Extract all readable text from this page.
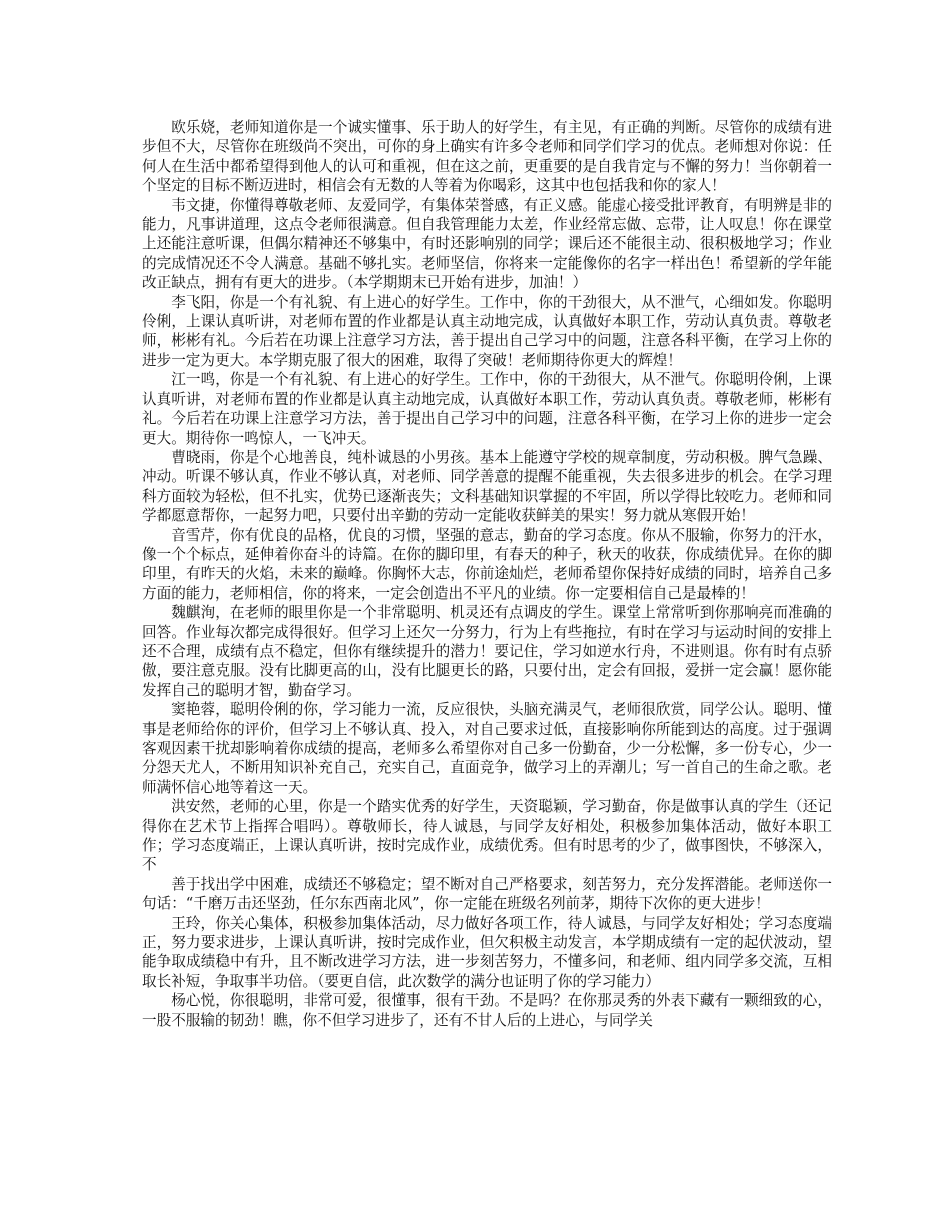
欧乐娆，老师知道你是一个诚实懂事、乐于助人的好学生，有主见，有正确的判断。尽管你的成绩有进步但不大，尽管你在班级尚不突出，可你的身上确实有许多令老师和同学们学习的优点。老师想对你说：任何人在生活中都希望得到他人的认可和重视，但在这之前，更重要的是自我肯定与不懈的努力！当你朝着一个坚定的目标不断迈进时，相信会有无数的人等着为你喝彩，这其中也包括我和你的家人！

韦文捷，你懂得尊敬老师、友爱同学，有集体荣誉感，有正义感。能虚心接受批评教育，有明辨是非的能力，凡事讲道理，这点令老师很满意。但自我管理能力太差，作业经常忘做、忘带，让人叹息！你在课堂上还能注意听课，但偶尔精神还不够集中，有时还影响别的同学；课后还不能很主动、很积极地学习；作业的完成情况还不令人满意。基础不够扎实。老师坚信，你将来一定能像你的名字一样出色！希望新的学年能改正缺点，拥有有更大的进步。（本学期期末已开始有进步，加油！）

李飞阳，你是一个有礼貌、有上进心的好学生。工作中，你的干劲很大，从不泄气，心细如发。你聪明伶俐，上课认真听讲，对老师布置的作业都是认真主动地完成，认真做好本职工作，劳动认真负责。尊敬老师，彬彬有礼。今后若在功课上注意学习方法，善于提出自己学习中的问题，注意各科平衡，在学习上你的进步一定为更大。本学期克服了很大的困难，取得了突破！老师期待你更大的辉煌！

江一鸣，你是一个有礼貌、有上进心的好学生。工作中，你的干劲很大，从不泄气。你聪明伶俐，上课认真听讲，对老师布置的作业都是认真主动地完成，认真做好本职工作，劳动认真负责。尊敬老师，彬彬有礼。今后若在功课上注意学习方法，善于提出自己学习中的问题，注意各科平衡，在学习上你的进步一定会更大。期待你一鸣惊人，一飞冲天。

曹晓雨，你是个心地善良，纯朴诚恳的小男孩。基本上能遵守学校的规章制度，劳动积极。脾气急躁、冲动。听课不够认真，作业不够认真，对老师、同学善意的提醒不能重视，失去很多进步的机会。在学习理科方面较为轻松，但不扎实，优势已逐渐丧失；文科基础知识掌握的不牢固，所以学得比较吃力。老师和同学都愿意帮你，一起努力吧，只要付出辛勤的劳动一定能收获鲜美的果实！努力就从寒假开始！

音雪芹，你有优良的品格，优良的习惯，坚强的意志，勤奋的学习态度。你从不服输，你努力的汗水，像一个个标点，延伸着你奋斗的诗篇。在你的脚印里，有春天的种子，秋天的收获，你成绩优异。在你的脚印里，有昨天的火焰，未来的巅峰。你胸怀大志，你前途灿烂，老师希望你保持好成绩的同时，培养自己多方面的能力，老师相信，你的将来，一定会创造出不平凡的业绩。你一定要相信自己是最棒的！

魏麒洵，在老师的眼里你是一个非常聪明、机灵还有点调皮的学生。课堂上常常听到你那响亮而准确的回答。作业每次都完成得很好。但学习上还欠一分努力，行为上有些拖拉，有时在学习与运动时间的安排上还不合理，成绩有点不稳定，但你有继续提升的潜力！要记住，学习如逆水行舟，不进则退。你有时有点骄傲，要注意克服。没有比脚更高的山，没有比腿更长的路，只要付出，定会有回报，爱拼一定会赢！愿你能发挥自己的聪明才智，勤奋学习。

窦艳蓉，聪明伶俐的你，学习能力一流，反应很快，头脑充满灵气，老师很欣赏，同学公认。聪明、懂事是老师给你的评价，但学习上不够认真、投入，对自己要求过低，直接影响你所能到达的高度。过于强调客观因素干扰却影响着你成绩的提高，老师多么希望你对自己多一份勤奋，少一分松懈，多一份专心，少一分怨天尤人，不断用知识补充自己，充实自己，直面竞争，做学习上的弄潮儿；写一首自己的生命之歌。老师满怀信心地等着这一天。

洪安然，老师的心里，你是一个踏实优秀的好学生，天资聪颖，学习勤奋，你是做事认真的学生（还记得你在艺术节上指挥合唱吗）。尊敬师长，待人诚恳，与同学友好相处，积极参加集体活动，做好本职工作；学习态度端正，上课认真听讲，按时完成作业，成绩优秀。但有时思考的少了，做事图快，不够深入，不

善于找出学中困难，成绩还不够稳定；望不断对自己严格要求，刻苦努力，充分发挥潜能。老师送你一句话：“千磨万击还坚劲，任尔东西南北风”，你一定能在班级名列前茅，期待下次你的更大进步！

王玲，你关心集体，积极参加集体活动，尽力做好各项工作，待人诚恳，与同学友好相处；学习态度端正，努力要求进步，上课认真听讲，按时完成作业，但欠积极主动发言，本学期成绩有一定的起伏波动，望能争取成绩稳中有升，且不断改进学习方法，进一步刻苦努力，不懂多问，和老师、组内同学多交流，互相取长补短，争取事半功倍。（要更自信，此次数学的满分也证明了你的学习能力）

杨心悦，你很聪明，非常可爱，很懂事，很有干劲。不是吗？在你那灵秀的外表下藏有一颗细致的心，一股不服输的韧劲！瞧，你不但学习进步了，还有不甘人后的上进心，与同学关
